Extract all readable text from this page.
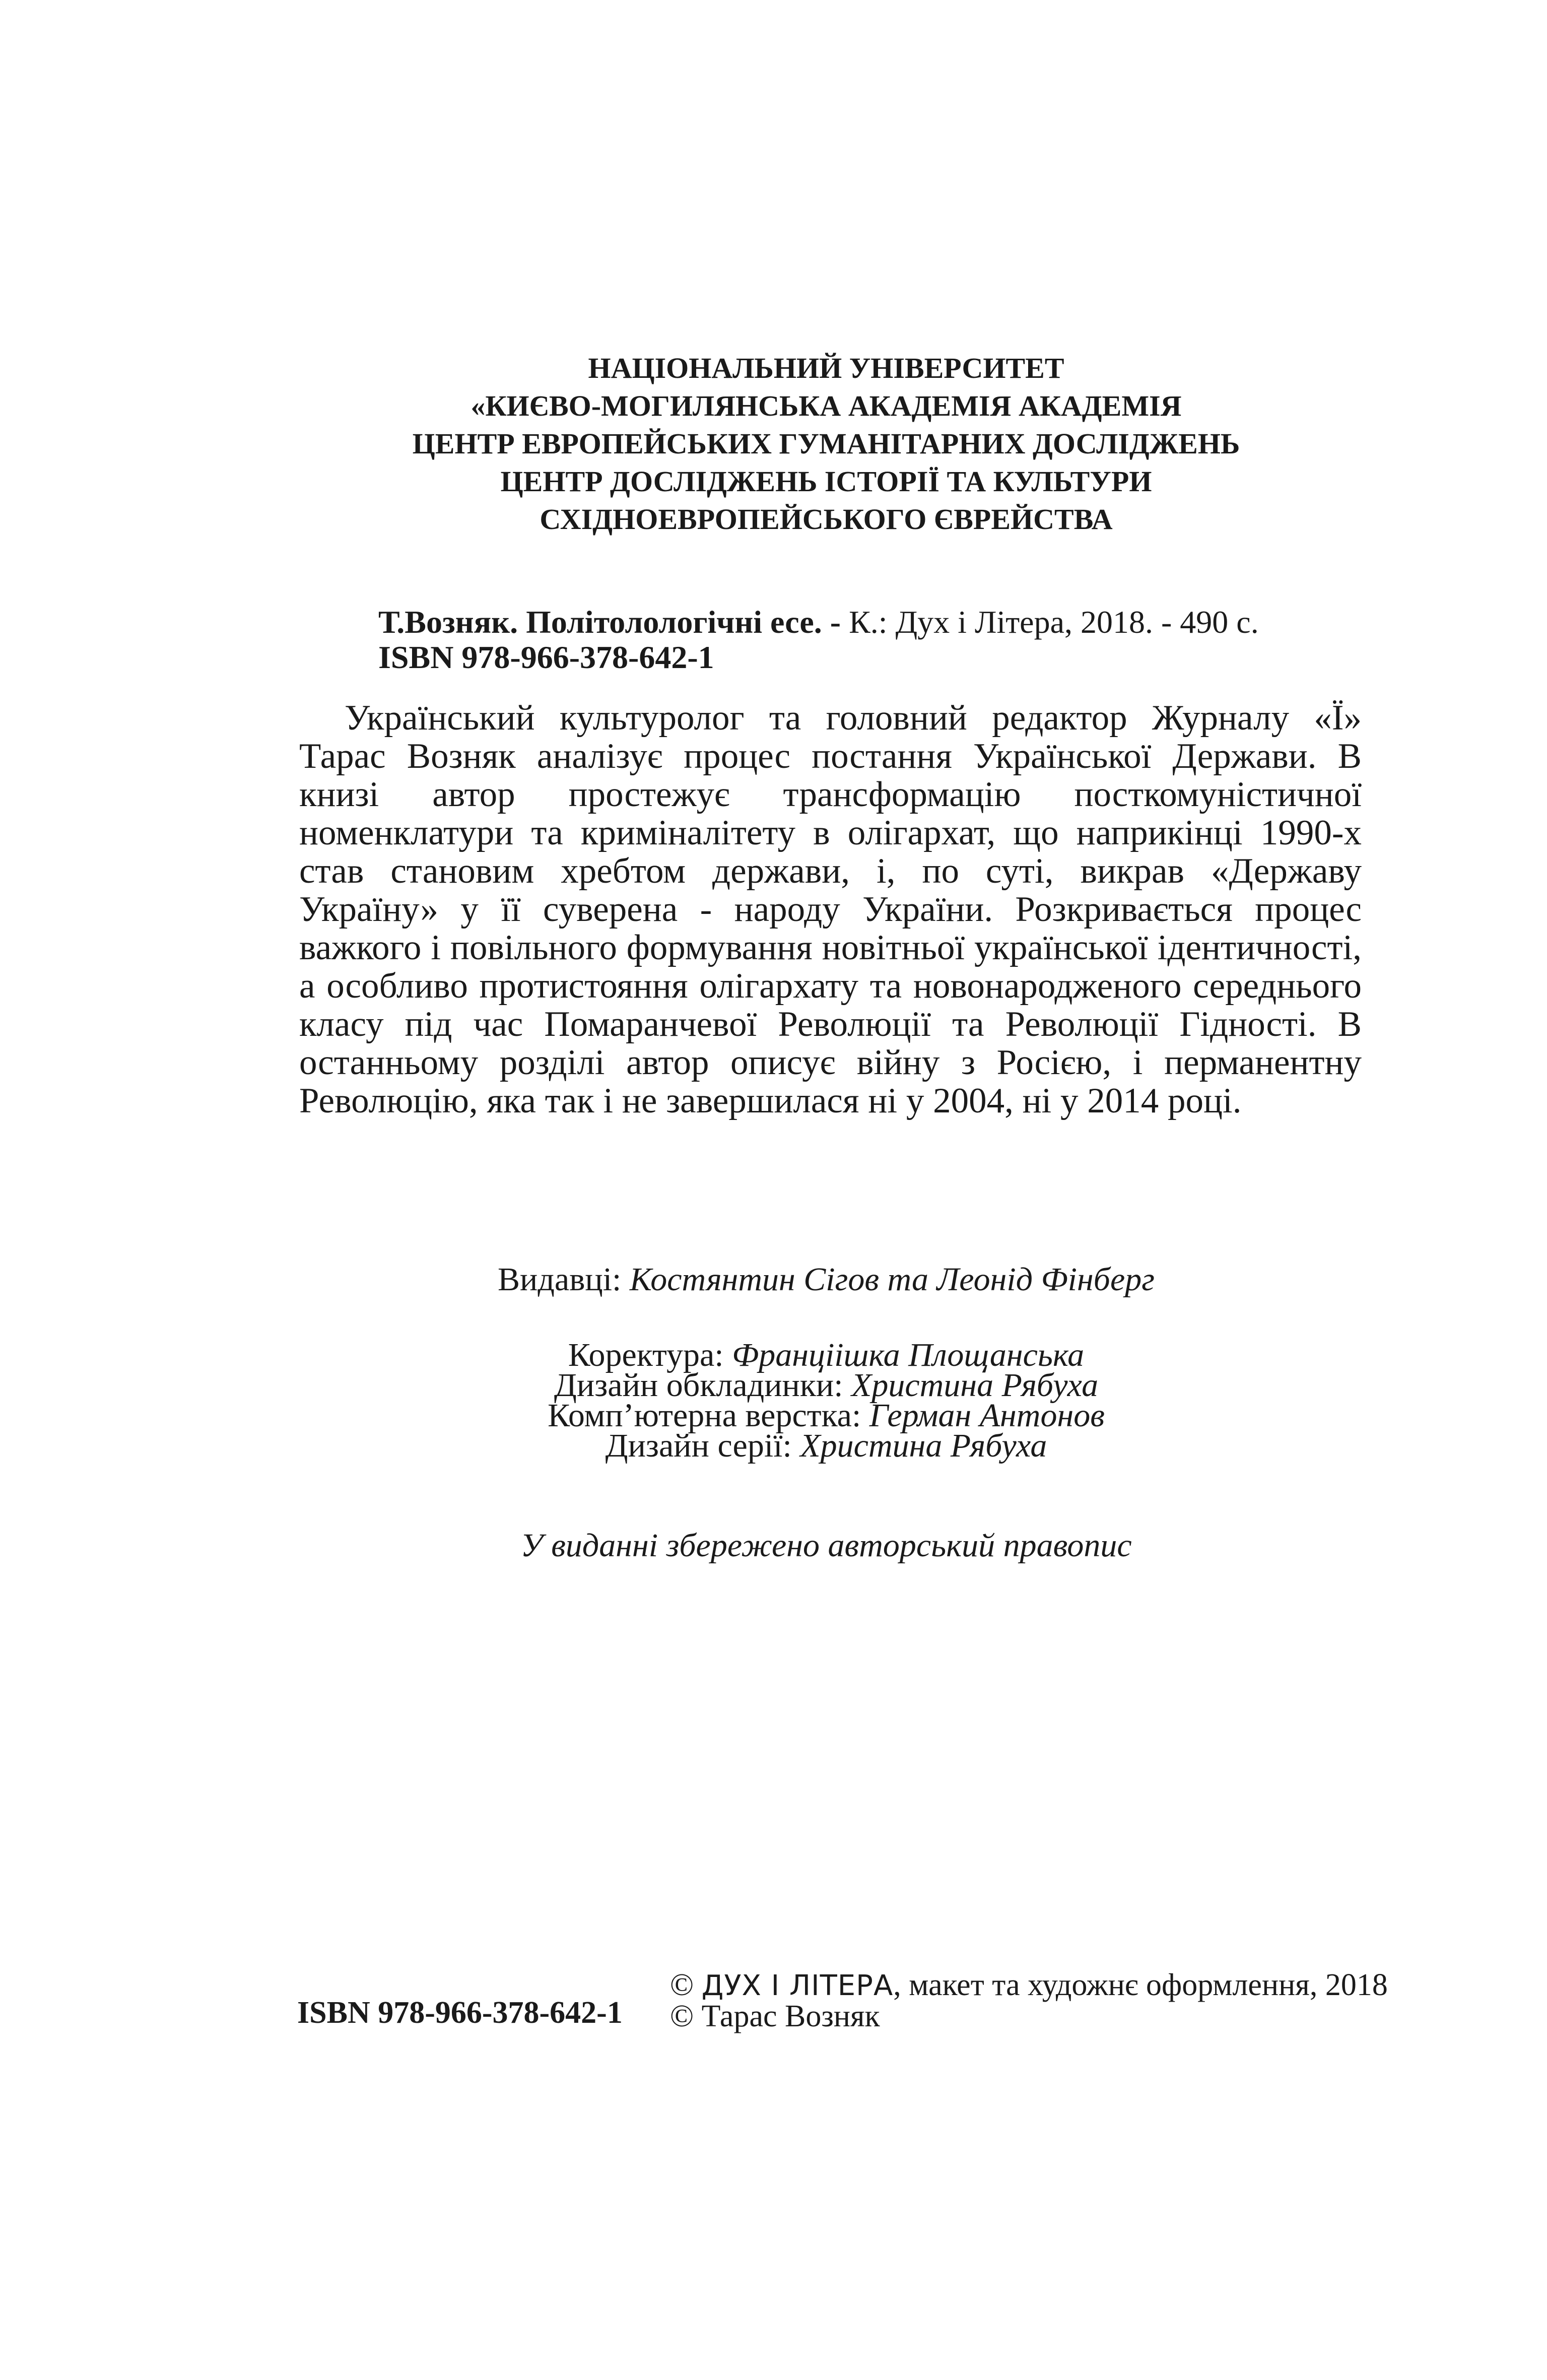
НАЦІОНАЛЬНИЙ УНІВЕРСИТЕТ
«КИЄВО-МОГИЛЯНСЬКА АКАДЕМІЯ АКАДЕМІЯ
ЦЕНТР ЕВРОПЕЙСЬКИХ ГУМАНІТАРНИХ ДОСЛІДЖЕНЬ
ЦЕНТР ДОСЛІДЖЕНЬ ІСТОРІЇ ТА КУЛЬТУРИ
СХІДНОЕВРОПЕЙСЬКОГО ЄВРЕЙСТВА
Т.Возняк. Політолологічні есе. - К.: Дух і Літера, 2018. - 490 с.
ISBN 978-966-378-642-1

Український культуролог та головний редактор Журналу «Ї» Тарас Возняк аналізує процес постання Української Держави. В книзі автор простежує трансформацію посткомуністичної номенклатури та криміналітету в олігархат, що наприкінці 1990-х став становим хребтом держави, і, по суті, викрав «Державу Україну» у її суверена - народу України. Розкривається процес важкого і повільного формування новітньої української ідентичності, а особливо протистояння олігархату та новонародженого середнього класу під час Помаранчевої Революції та Революції Гідності. В останньому розділі автор описує війну з Росією, і перманентну Революцію, яка так і не завершилася ні у 2004, ні у 2014 році.

Видавці: Костянтин Сігов та Леонід Фінберг
Коректура: Франціішка Площанська
Дизайн обкладинки: Христина Рябуха
Комп’ютерна верстка: Герман Антонов
Дизайн серії: Христина Рябуха
У виданні збережено авторський правопис
ISBN 978-966-378-642-1
© ДУХ І ЛІТЕРА, макет та художнє оформлення, 2018
© Тарас Возняк
